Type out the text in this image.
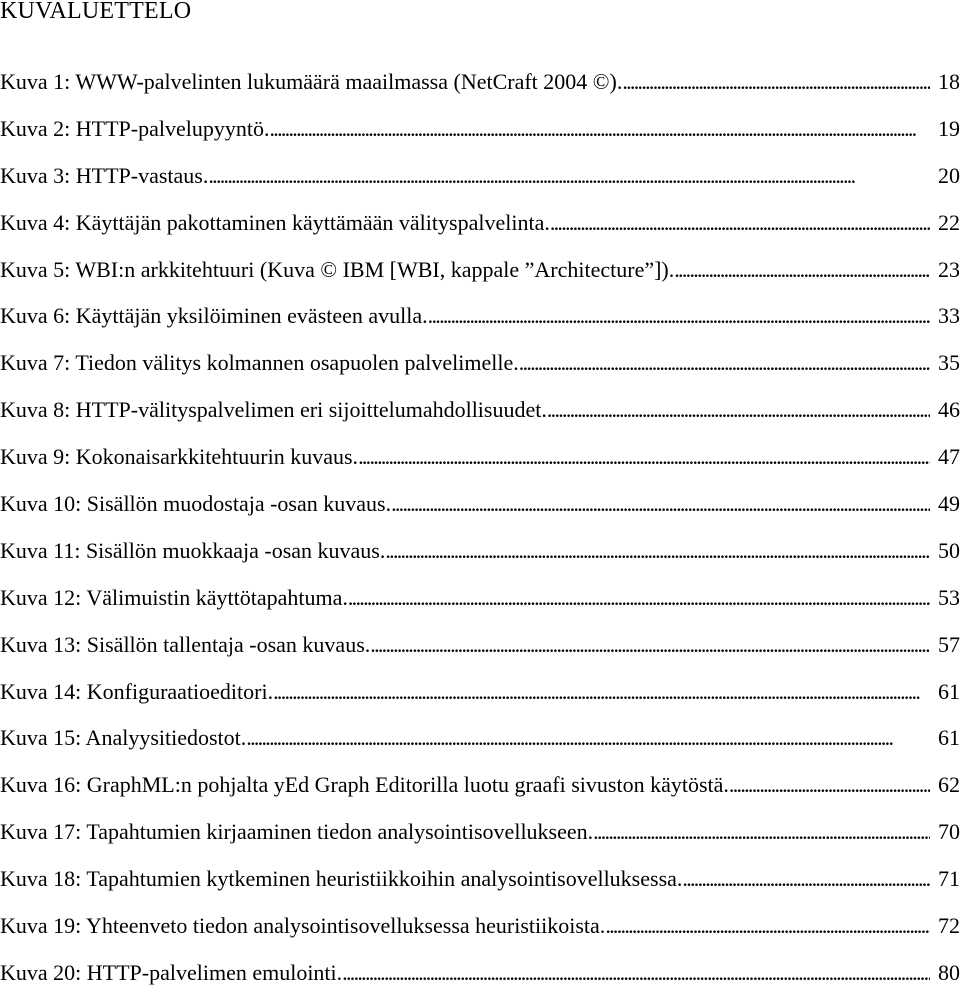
KUVALUETTELO
Kuva 1: WWW-palvelinten lukumäärä maailmassa (NetCraft 2004 ©). . . .	18
Kuva 2: HTTP-palvelupyyntö. . . .	19
Kuva 3: HTTP-vastaus. . . .	20
Kuva 4: Käyttäjän pakottaminen käyttämään välityspalvelinta. . . .	22
Kuva 5: WBI:n arkkitehtuuri (Kuva © IBM [WBI, kappale ”Architecture”]). . . .	23
Kuva 6: Käyttäjän yksilöiminen evästeen avulla. . . .	33
Kuva 7: Tiedon välitys kolmannen osapuolen palvelimelle. . . .	35
Kuva 8: HTTP-välityspalvelimen eri sijoittelumahdollisuudet. . . .	46
Kuva 9: Kokonaisarkkitehtuurin kuvaus. . . .	47
Kuva 10: Sisällön muodostaja -osan kuvaus. . . .	49
Kuva 11: Sisällön muokkaaja -osan kuvaus. . . .	50
Kuva 12: Välimuistin käyttötapahtuma. . . .	53
Kuva 13: Sisällön tallentaja -osan kuvaus. . . .	57
Kuva 14: Konfiguraatioeditori. . . .	61
Kuva 15: Analyysitiedostot. . . .	61
Kuva 16: GraphML:n pohjalta yEd Graph Editorilla luotu graafi sivuston käytöstä. . . .	62
Kuva 17: Tapahtumien kirjaaminen tiedon analysointisovellukseen. . . .	70
Kuva 18: Tapahtumien kytkeminen heuristiikkoihin analysointisovelluksessa. . . .	71
Kuva 19: Yhteenveto tiedon analysointisovelluksessa heuristiikoista. . . .	72
Kuva 20: HTTP-palvelimen emulointi. . . .	80
